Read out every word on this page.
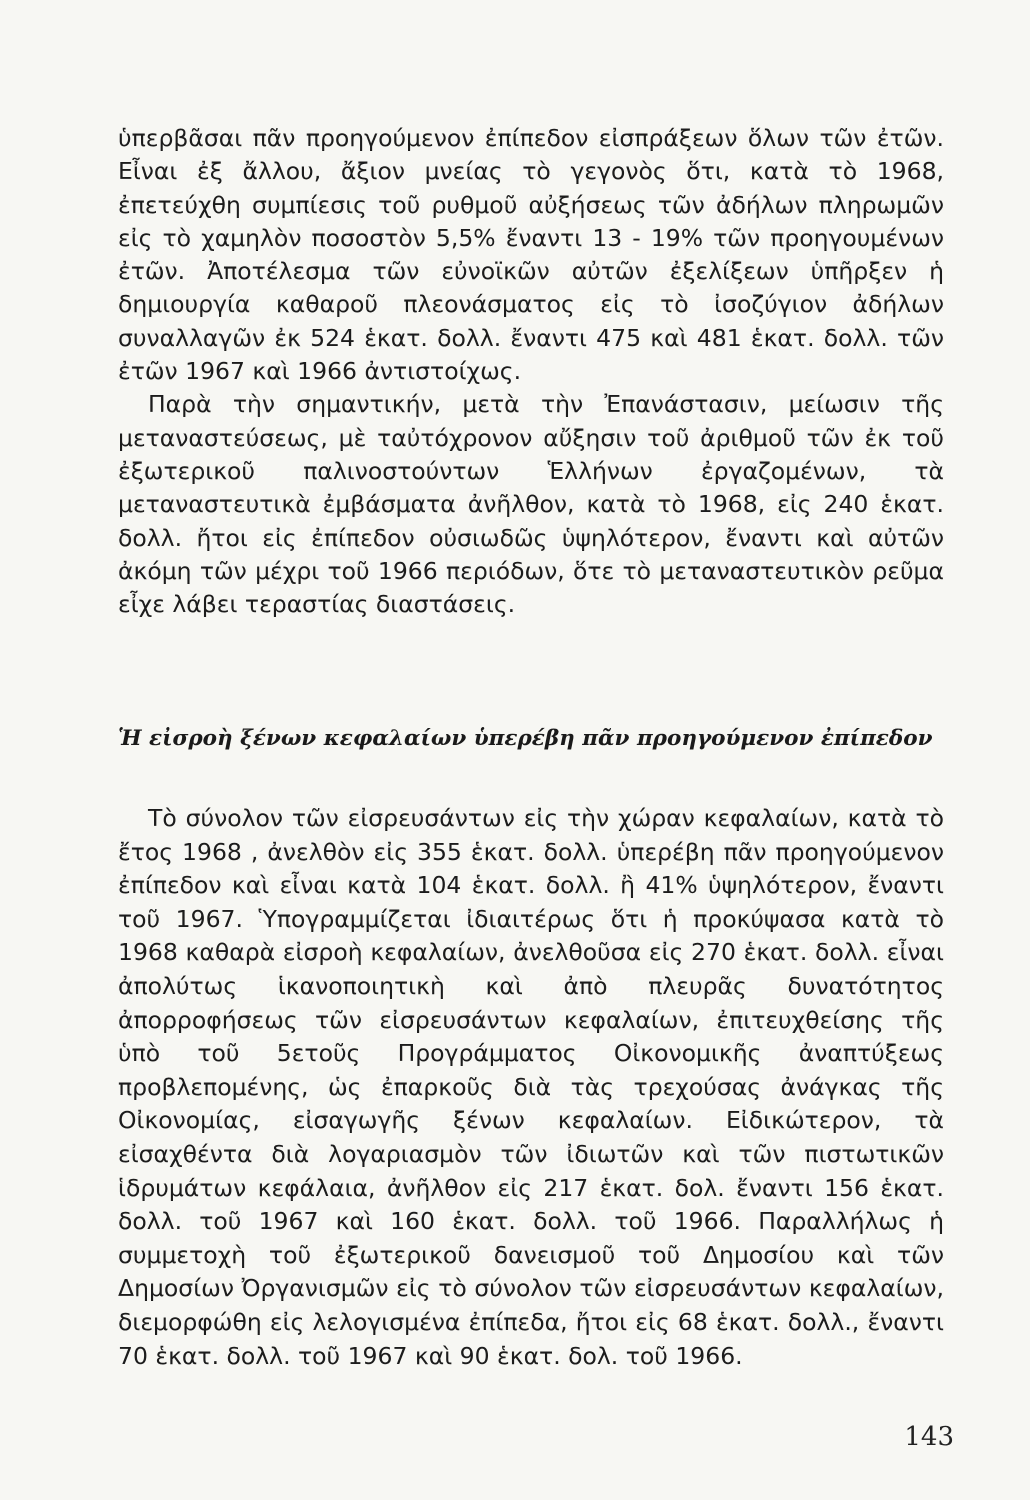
ὑπερβᾶσαι πᾶν προηγούμενον ἐπίπεδον εἰσπράξεων ὅλων τῶν ἐτῶν. Εἶναι ἐξ ἄλλου, ἄξιον μνείας τὸ γεγονὸς ὅτι, κατὰ τὸ 1968, ἐπετεύχθη συμπίεσις τοῦ ρυθμοῦ αὐξήσεως τῶν ἀδήλων πληρωμῶν εἰς τὸ χαμηλὸν ποσοστὸν 5,5% ἔναντι 13 - 19% τῶν προηγουμένων ἐτῶν. Ἀποτέλεσμα τῶν εὐνοϊκῶν αὐτῶν ἐξελίξεων ὑπῆρξεν ἡ δημιουργία καθαροῦ πλεονάσματος εἰς τὸ ἰσοζύγιον ἀδήλων συναλλαγῶν ἐκ 524 ἑκατ. δολλ. ἔναντι 475 καὶ 481 ἑκατ. δολλ. τῶν ἐτῶν 1967 καὶ 1966 ἀντιστοίχως.

Παρὰ τὴν σημαντικήν, μετὰ τὴν Ἐπανάστασιν, μείωσιν τῆς μεταναστεύσεως, μὲ ταὐτόχρονον αὔξησιν τοῦ ἀριθμοῦ τῶν ἐκ τοῦ ἐξωτερικοῦ παλινοστούντων Ἑλλήνων ἐργαζομένων, τὰ μεταναστευτικὰ ἐμβάσματα ἀνῆλθον, κατὰ τὸ 1968, εἰς 240 ἑκατ. δολλ. ἤτοι εἰς ἐπίπεδον οὐσιωδῶς ὑψηλότερον, ἔναντι καὶ αὐτῶν ἀκόμη τῶν μέχρι τοῦ 1966 περιόδων, ὅτε τὸ μεταναστευτικὸν ρεῦμα εἶχε λάβει τεραστίας διαστάσεις.

Ἡ εἰσροὴ ξένων κεφαλαίων ὑπερέβη πᾶν προηγούμενον ἐπίπεδον

Τὸ σύνολον τῶν εἰσρευσάντων εἰς τὴν χώραν κεφαλαίων, κατὰ τὸ ἔτος 1968 , ἀνελθὸν εἰς 355 ἑκατ. δολλ. ὑπερέβη πᾶν προηγούμενον ἐπίπεδον καὶ εἶναι κατὰ 104 ἑκατ. δολλ. ἢ 41% ὑψηλότερον, ἔναντι τοῦ 1967. Ὑπογραμμίζεται ἰδιαιτέρως ὅτι ἡ προκύψασα κατὰ τὸ 1968 καθαρὰ εἰσροὴ κεφαλαίων, ἀνελθοῦσα εἰς 270 ἑκατ. δολλ. εἶναι ἀπολύτως ἱκανοποιητικὴ καὶ ἀπὸ πλευρᾶς δυνατότητος ἀπορροφήσεως τῶν εἰσρευσάντων κεφαλαίων, ἐπιτευχθείσης τῆς ὑπὸ τοῦ 5ετοῦς Προγράμματος Οἰκονομικῆς ἀναπτύξεως προβλεπομένης, ὡς ἐπαρκοῦς διὰ τὰς τρεχούσας ἀνάγκας τῆς Οἰκονομίας, εἰσαγωγῆς ξένων κεφαλαίων. Εἰδικώτερον, τὰ εἰσαχθέντα διὰ λογαριασμὸν τῶν ἰδιωτῶν καὶ τῶν πιστωτικῶν ἱδρυμάτων κεφάλαια, ἀνῆλθον εἰς 217 ἑκατ. δολ. ἔναντι 156 ἑκατ. δολλ. τοῦ 1967 καὶ 160 ἑκατ. δολλ. τοῦ 1966. Παραλλήλως ἡ συμμετοχὴ τοῦ ἐξωτερικοῦ δανεισμοῦ τοῦ Δημοσίου καὶ τῶν Δημοσίων Ὀργανισμῶν εἰς τὸ σύνολον τῶν εἰσρευσάντων κεφαλαίων, διεμορφώθη εἰς λελογισμένα ἐπίπεδα, ἤτοι εἰς 68 ἑκατ. δολλ., ἔναντι 70 ἑκατ. δολλ. τοῦ 1967 καὶ 90 ἑκατ. δολ. τοῦ 1966.

143
